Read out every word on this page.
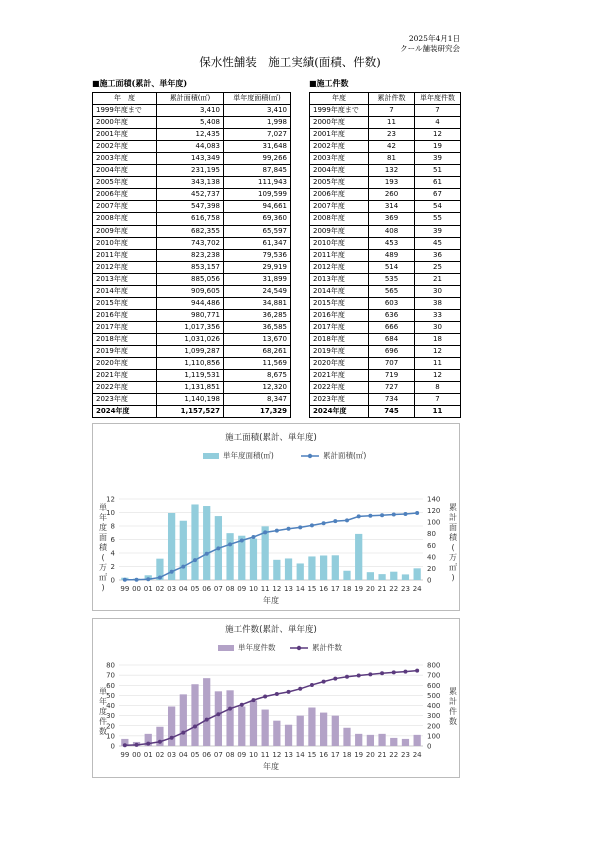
2025年4月1日
クール舗装研究会
保水性舗装　施工実績(面積、件数)
■施工面積(累計、単年度)	■施工件数
年　度	累計面積(㎡)	単年度面積(㎡)
1999年度まで	3,410	3,410
2000年度	5,408	1,998
2001年度	12,435	7,027
2002年度	44,083	31,648
2003年度	143,349	99,266
2004年度	231,195	87,845
2005年度	343,138	111,943
2006年度	452,737	109,599
2007年度	547,398	94,661
2008年度	616,758	69,360
2009年度	682,355	65,597
2010年度	743,702	61,347
2011年度	823,238	79,536
2012年度	853,157	29,919
2013年度	885,056	31,899
2014年度	909,605	24,549
2015年度	944,486	34,881
2016年度	980,771	36,285
2017年度	1,017,356	36,585
2018年度	1,031,026	13,670
2019年度	1,099,287	68,261
2020年度	1,110,856	11,569
2021年度	1,119,531	8,675
2022年度	1,131,851	12,320
2023年度	1,140,198	8,347
2024年度	1,157,527	17,329
年度	累計件数	単年度件数
1999年度まで	7	7
2000年度	11	4
2001年度	23	12
2002年度	42	19
2003年度	81	39
2004年度	132	51
2005年度	193	61
2006年度	260	67
2007年度	314	54
2008年度	369	55
2009年度	408	39
2010年度	453	45
2011年度	489	36
2012年度	514	25
2013年度	535	21
2014年度	565	30
2015年度	603	38
2016年度	636	33
2017年度	666	30
2018年度	684	18
2019年度	696	12
2020年度	707	11
2021年度	719	12
2022年度	727	8
2023年度	734	7
2024年度	745	11
施工面積(累計、単年度)
単年度面積(㎡)	累計面積(㎡)
0
2
4
6
8
10
12
0
20
40
60
80
100
120
140
99 00 01 02 03 04 05 06 07 08 09 10 11 12 13 14 15 16 17 18 19 20 21 22 23 24
年度
単年度面積(万㎡ )
累計面積(万㎡ )
施工件数(累計、単年度)
単年度件数	累計件数
0
10
20
30
40
50
60
70
80
0
100
200
300
400
500
600
700
800
99 00 01 02 03 04 05 06 07 08 09 10 11 12 13 14 15 16 17 18 19 20 21 22 23 24
年度
単年度件数
累計件数
